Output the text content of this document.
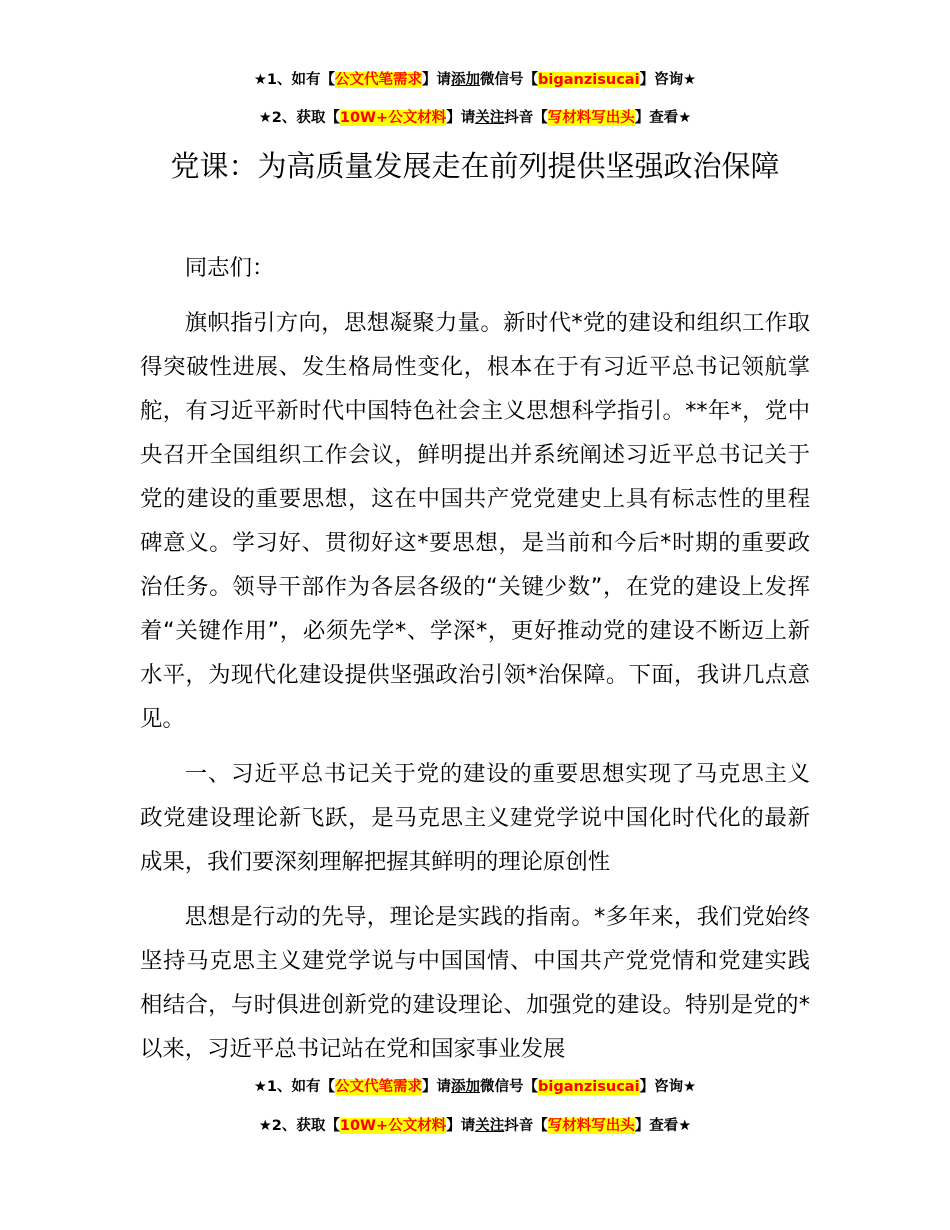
★1、如有【公文代笔需求】请添加微信号【biganzisucai】咨询★
★2、获取【10W+公文材料】请关注抖音【写材料写出头】查看★
党课：为高质量发展走在前列提供坚强政治保障

同志们：

旗帜指引方向，思想凝聚力量。新时代*党的建设和组织工作取得突破性进展、发生格局性变化，根本在于有习近平总书记领航掌舵，有习近平新时代中国特色社会主义思想科学指引。**年*，党中央召开全国组织工作会议，鲜明提出并系统阐述习近平总书记关于党的建设的重要思想，这在中国共产党党建史上具有标志性的里程碑意义。学习好、贯彻好这*要思想，是当前和今后*时期的重要政治任务。领导干部作为各层各级的“关键少数”，在党的建设上发挥着“关键作用”，必须先学*、学深*，更好推动党的建设不断迈上新水平，为现代化建设提供坚强政治引领*治保障。下面，我讲几点意见。

一、习近平总书记关于党的建设的重要思想实现了马克思主义政党建设理论新飞跃，是马克思主义建党学说中国化时代化的最新成果，我们要深刻理解把握其鲜明的理论原创性

思想是行动的先导，理论是实践的指南。*多年来，我们党始终坚持马克思主义建党学说与中国国情、中国共产党党情和党建实践相结合，与时俱进创新党的建设理论、加强党的建设。特别是党的*以来，习近平总书记站在党和国家事业发展

★1、如有【公文代笔需求】请添加微信号【biganzisucai】咨询★
★2、获取【10W+公文材料】请关注抖音【写材料写出头】查看★
